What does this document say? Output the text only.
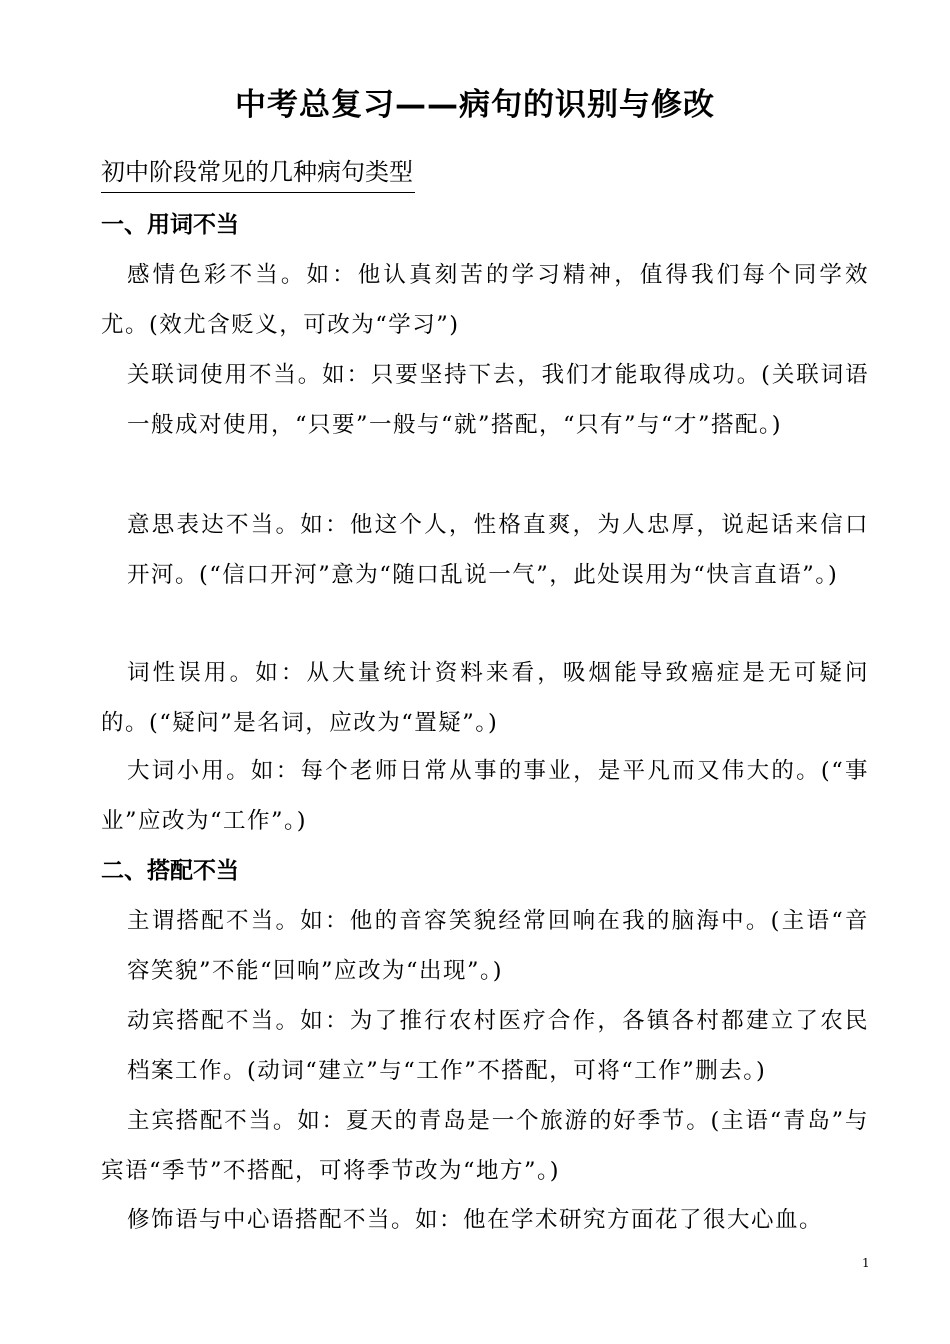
中考总复习——病句的识别与修改
初中阶段常见的几种病句类型
一、用词不当

感情色彩不当。如：他认真刻苦的学习精神，值得我们每个同学效尤。(效尤含贬义，可改为“学习”)

关联词使用不当。如：只要坚持下去，我们才能取得成功。(关联词语一般成对使用，“只要”一般与“就”搭配，“只有”与“才”搭配。)

意思表达不当。如：他这个人，性格直爽，为人忠厚，说起话来信口开河。(“信口开河”意为“随口乱说一气”，此处误用为“快言直语”。)

词性误用。如：从大量统计资料来看，吸烟能导致癌症是无可疑问的。(“疑问”是名词，应改为“置疑”。)

大词小用。如：每个老师日常从事的事业，是平凡而又伟大的。(“事业”应改为“工作”。)

二、搭配不当

主谓搭配不当。如：他的音容笑貌经常回响在我的脑海中。(主语“音容笑貌”不能“回响”应改为“出现”。)

动宾搭配不当。如：为了推行农村医疗合作，各镇各村都建立了农民档案工作。(动词“建立”与“工作”不搭配，可将“工作”删去。)

主宾搭配不当。如：夏天的青岛是一个旅游的好季节。(主语“青岛”与宾语“季节”不搭配，可将季节改为“地方”。)

修饰语与中心语搭配不当。如：他在学术研究方面花了很大心血。

1
